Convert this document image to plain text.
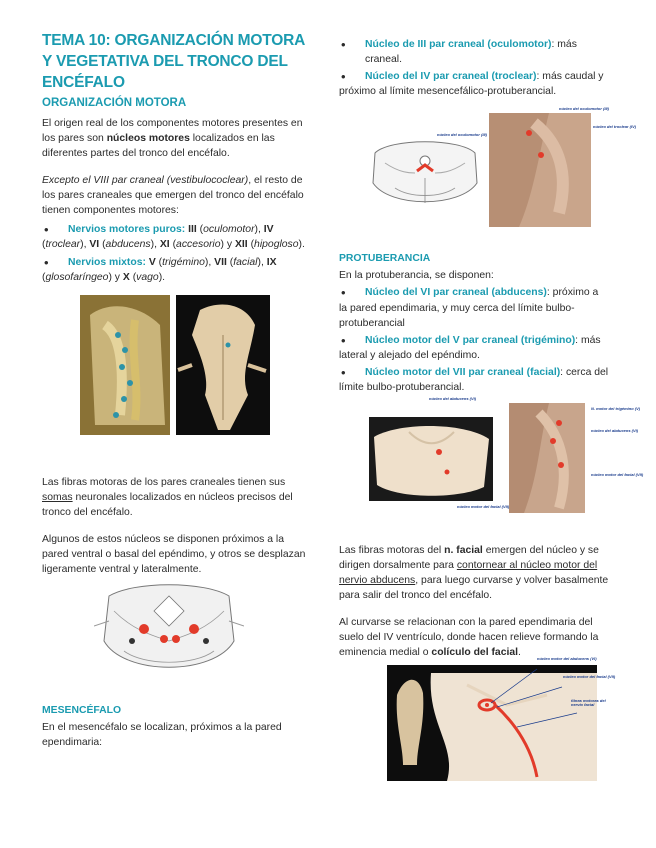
TEMA 10: ORGANIZACIÓN MOTORA Y VEGETATIVA DEL TRONCO DEL ENCÉFALO
ORGANIZACIÓN MOTORA

El origen real de los componentes motores presentes en los pares son núcleos motores localizados en las diferentes partes del tronco del encéfalo.

Excepto el VIII par craneal (vestibulococlear), el resto de los pares craneales que emergen del tronco del encéfalo tienen componentes motores:

• Nervios motores puros: III (oculomotor), IV (troclear), VI (abducens), XI (accesorio) y XII (hipogloso).
• Nervios mixtos: V (trigémino), VII (facial), IX (glosofaríngeo) y X (vago).

Las fibras motoras de los pares craneales tienen sus somas neuronales localizados en núcleos precisos del tronco del encéfalo.

Algunos de estos núcleos se disponen próximos a la pared ventral o basal del epéndimo, y otros se desplazan ligeramente ventral y lateralmente.

MESENCÉFALO

En el mesencéfalo se localizan, próximos a la pared ependimaria:

• Núcleo de III par craneal (oculomotor): más craneal.
• Núcleo del IV par craneal (troclear): más caudal y próximo al límite mesencefálico-protuberancial.
núcleo del oculomotor (III)
núcleo del oculomotor (III)
núcleo del troclear (IV)
PROTUBERANCIA

En la protuberancia, se disponen:

• Núcleo del VI par craneal (abducens): próximo a la pared ependimaria, y muy cerca del límite bulbo-protuberancial
• Núcleo motor del V par craneal (trigémino): más lateral y alejado del epéndimo.
• Núcleo motor del VII par craneal (facial): cerca del límite bulbo-protuberancial.
núcleo del abducens (VI)
núcleo motor del facial (VII)
N. motor del trigémino (V)
núcleo del abducens (VI)
núcleo motor del facial (VII)

Las fibras motoras del n. facial emergen del núcleo y se dirigen dorsalmente para contornear al núcleo motor del nervio abducens, para luego curvarse y volver basalmente para salir del tronco del encéfalo.

Al curvarse se relacionan con la pared ependimaria del suelo del IV ventrículo, donde hacen relieve formando la eminencia medial o colículo del facial.	núcleo motor del abducens (VI)
núcleo motor del facial (VII)
fibras motoras del nervio facial
